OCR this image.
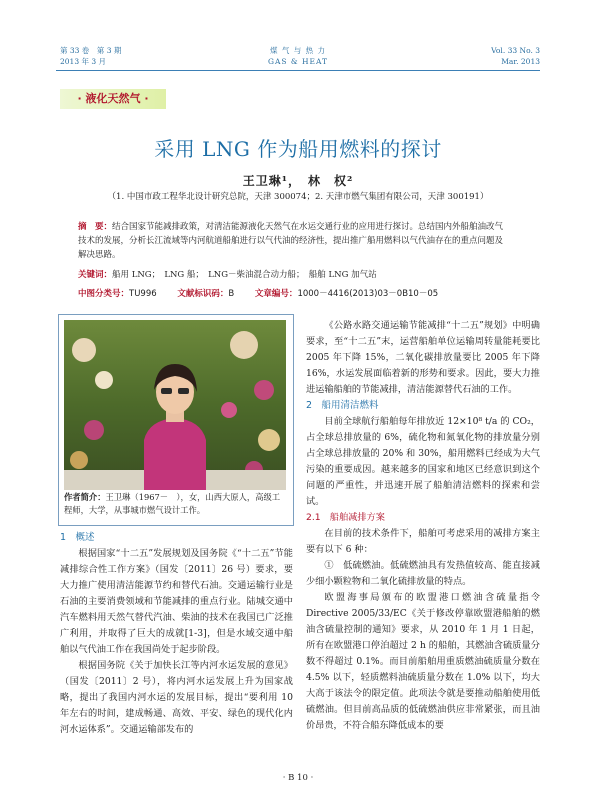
第 33 卷　第 3 期
2013 年 3 月
煤 气 与 热 力
GAS & HEAT
Vol. 33 No. 3
Mar. 2013
· 液化天然气 ·
采用 LNG 作为船用燃料的探讨
王卫琳¹，　林　权²
（1. 中国市政工程华北设计研究总院，天津 300074；2. 天津市燃气集团有限公司，天津 300191）
摘　要：结合国家节能减排政策，对清洁能源液化天然气在水运交通行业的应用进行探讨。总结国内外船舶油改气技术的发展，分析长江流域等内河航道船舶进行以气代油的经济性，提出推广船用燃料以气代油存在的重点问题及解决思路。
关键词：船用 LNG；　LNG 船；　LNG－柴油混合动力船；　船舶 LNG 加气站
中图分类号：TU996 文献标识码：B 文章编号：1000－4416(2013)03－0B10－05
作者简介：王卫琳（1967－　），女，山西大原人，高级工程师，大学，从事城市燃气设计工作。
1　概述

根据国家“十二五”发展规划及国务院《“十二五”节能减排综合性工作方案》（国发〔2011〕26 号）要求，要大力推广使用清洁能源节约和替代石油。交通运输行业是石油的主要消费领域和节能减排的重点行业。陆城交通中汽车燃料用天然气替代汽油、柴油的技术在我国已广泛推广利用，并取得了巨大的成就[1-3]，但是水域交通中船舶以气代油工作在我国尚处于起步阶段。

根据国务院《关于加快长江等内河水运发展的意见》（国发〔2011〕2 号），将内河水运发展上升为国家战略，提出了我国内河水运的发展目标，提出“要利用 10 年左右的时间，建成畅通、高效、平安、绿色的现代化内河水运体系”。交通运输部发布的

《公路水路交通运输节能减排“十二五”规划》中明确要求，至“十二五”末，运营船舶单位运输周转量能耗要比 2005 年下降 15%，二氧化碳排放量要比 2005 年下降 16%，水运发展面临着新的形势和要求。因此，要大力推进运输船舶的节能减排，清洁能源替代石油的工作。

2　船用清洁燃料

目前全球航行船舶每年排放近 12×10⁸ t/a 的 CO₂，占全球总排放量的 6%，硫化物和氮氧化物的排放量分别占全球总排放量的 20% 和 30%，船用燃料已经成为大气污染的重要成因。越来越多的国家和地区已经意识到这个问题的严重性，并迅速开展了船舶清洁燃料的探索和尝试。

2.1　船舶减排方案

在目前的技术条件下，船舶可考虑采用的减排方案主要有以下 6 种：

①　低硫燃油。低硫燃油具有发热值较高、能直接减少细小颗粒物和二氧化硫排放量的特点。

欧盟海事局颁布的欧盟港口燃油含硫量指令 Directive 2005/33/EC《关于修改停靠欧盟港船舶的燃油含硫量控制的通知》要求，从 2010 年 1 月 1 日起，所有在欧盟港口停泊超过 2 h 的船舶，其燃油含硫质量分数不得超过 0.1%。而目前船舶用重质燃油硫质量分数在 4.5% 以下，轻质燃料油硫质量分数在 1.0% 以下，均大大高于该法令的限定值。此项法令就是要推动船舶使用低硫燃油。但目前高品质的低硫燃油供应非常紧张，而且油价昂贵，不符合船东降低成本的要

· B 10 ·
